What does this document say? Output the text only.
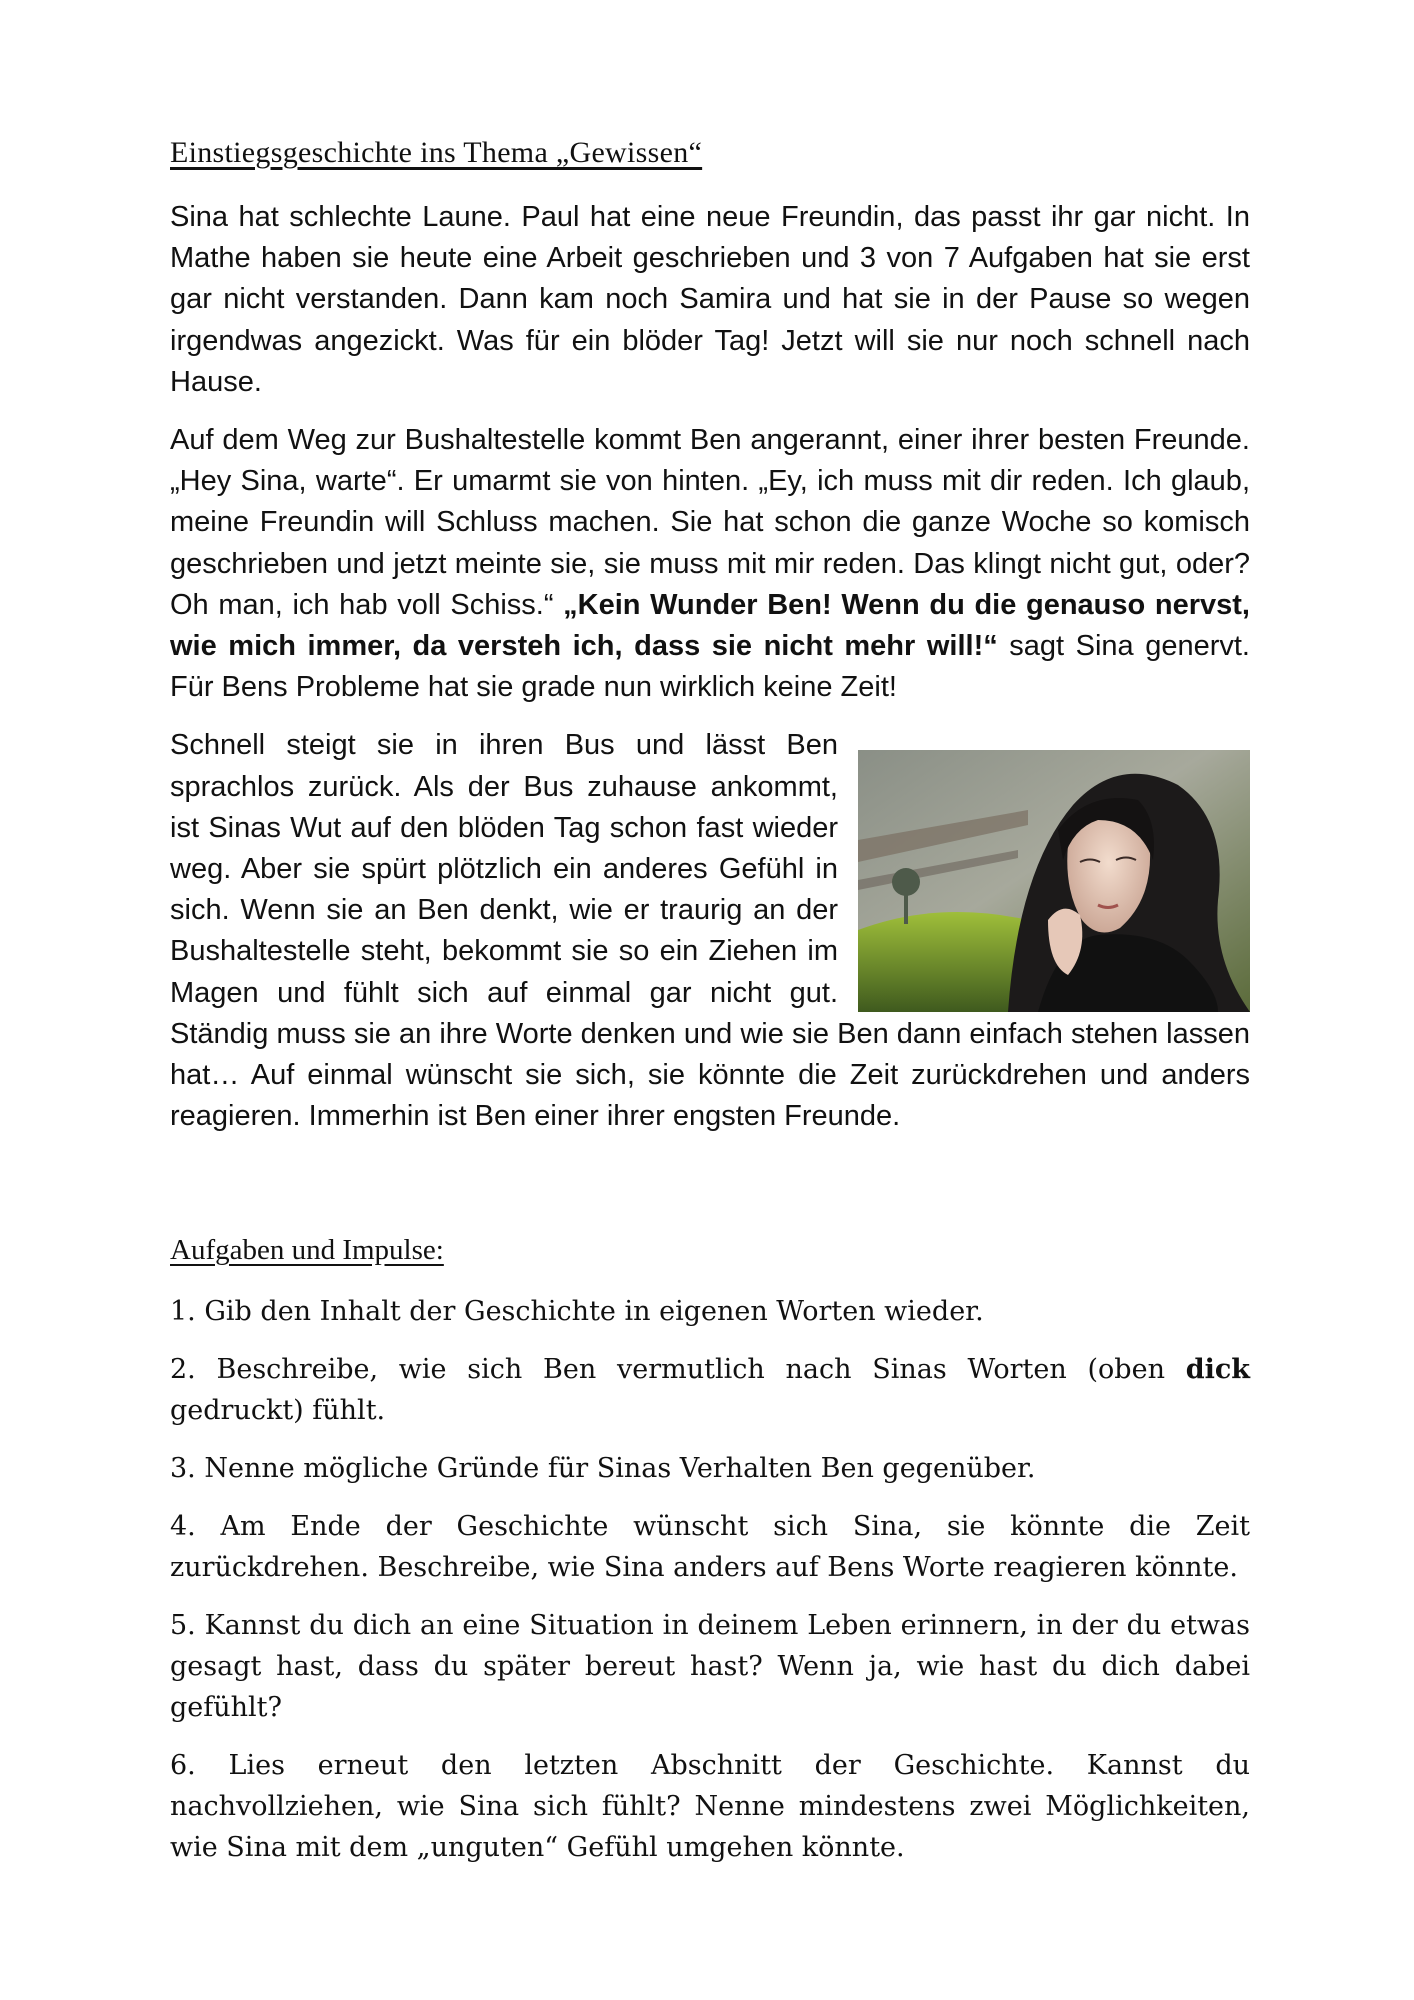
Einstiegsgeschichte ins Thema „Gewissen“

Sina hat schlechte Laune. Paul hat eine neue Freundin, das passt ihr gar nicht. In Mathe haben sie heute eine Arbeit geschrieben und 3 von 7 Aufgaben hat sie erst gar nicht verstanden. Dann kam noch Samira und hat sie in der Pause so wegen irgendwas angezickt. Was für ein blöder Tag! Jetzt will sie nur noch schnell nach Hause.

Auf dem Weg zur Bushaltestelle kommt Ben angerannt, einer ihrer besten Freunde. „Hey Sina, warte“. Er umarmt sie von hinten. „Ey, ich muss mit dir reden. Ich glaub, meine Freundin will Schluss machen. Sie hat schon die ganze Woche so komisch geschrieben und jetzt meinte sie, sie muss mit mir reden. Das klingt nicht gut, oder? Oh man, ich hab voll Schiss.“ „Kein Wunder Ben! Wenn du die genauso nervst, wie mich immer, da versteh ich, dass sie nicht mehr will!“ sagt Sina genervt. Für Bens Probleme hat sie grade nun wirklich keine Zeit!

Schnell steigt sie in ihren Bus und lässt Ben sprachlos zurück. Als der Bus zuhause ankommt, ist Sinas Wut auf den blöden Tag schon fast wieder weg. Aber sie spürt plötzlich ein anderes Gefühl in sich. Wenn sie an Ben denkt, wie er traurig an der Bushaltestelle steht, bekommt sie so ein Ziehen im Magen und fühlt sich auf einmal gar nicht gut. Ständig muss sie an ihre Worte denken und wie sie Ben dann einfach stehen lassen hat… Auf einmal wünscht sie sich, sie könnte die Zeit zurückdrehen und anders reagieren. Immerhin ist Ben einer ihrer engsten Freunde.

Aufgaben und Impulse:

1. Gib den Inhalt der Geschichte in eigenen Worten wieder.

2. Beschreibe, wie sich Ben vermutlich nach Sinas Worten (oben dick gedruckt) fühlt.

3. Nenne mögliche Gründe für Sinas Verhalten Ben gegenüber.

4. Am Ende der Geschichte wünscht sich Sina, sie könnte die Zeit zurückdrehen. Beschreibe, wie Sina anders auf Bens Worte reagieren könnte.

5. Kannst du dich an eine Situation in deinem Leben erinnern, in der du etwas gesagt hast, dass du später bereut hast? Wenn ja, wie hast du dich dabei gefühlt?

6. Lies erneut den letzten Abschnitt der Geschichte. Kannst du nachvollziehen, wie Sina sich fühlt? Nenne mindestens zwei Möglichkeiten, wie Sina mit dem „unguten“ Gefühl umgehen könnte.
